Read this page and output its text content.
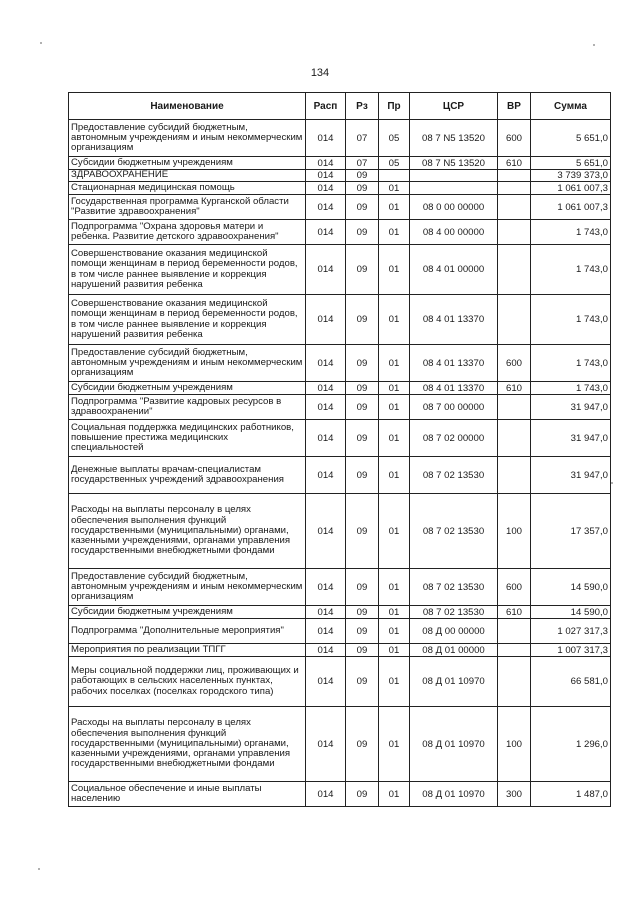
134
Наименование	Расп	Рз	Пр	ЦСР	ВР	Сумма
Предоставление субсидий бюджетным, автономным учреждениям и иным некоммерческим организациям	014	07	05	08 7 N5 13520	600	5 651,0
Субсидии бюджетным учреждениям	014	07	05	08 7 N5 13520	610	5 651,0
ЗДРАВООХРАНЕНИЕ	014	09				3 739 373,0
Стационарная медицинская помощь	014	09	01			1 061 007,3
Государственная программа Курганской области "Развитие здравоохранения"	014	09	01	08 0 00 00000		1 061 007,3
Подпрограмма "Охрана здоровья матери и ребенка. Развитие детского здравоохранения"	014	09	01	08 4 00 00000		1 743,0
Совершенствование оказания медицинской помощи женщинам в период беременности родов, в том числе раннее выявление и коррекция нарушений развития ребенка	014	09	01	08 4 01 00000		1 743,0
Совершенствование оказания медицинской помощи женщинам в период беременности родов, в том числе раннее выявление и коррекция нарушений развития ребенка	014	09	01	08 4 01 13370		1 743,0
Предоставление субсидий бюджетным, автономным учреждениям и иным некоммерческим организациям	014	09	01	08 4 01 13370	600	1 743,0
Субсидии бюджетным учреждениям	014	09	01	08 4 01 13370	610	1 743,0
Подпрограмма "Развитие кадровых ресурсов в здравоохранении"	014	09	01	08 7 00 00000		31 947,0
Социальная поддержка медицинских работников, повышение престижа медицинских специальностей	014	09	01	08 7 02 00000		31 947,0
Денежные выплаты врачам-специалистам государственных учреждений здравоохранения	014	09	01	08 7 02 13530		31 947,0
Расходы на выплаты персоналу в целях обеспечения выполнения функций государственными (муниципальными) органами, казенными учреждениями, органами управления государственными внебюджетными фондами	014	09	01	08 7 02 13530	100	17 357,0
Предоставление субсидий бюджетным, автономным учреждениям и иным некоммерческим организациям	014	09	01	08 7 02 13530	600	14 590,0
Субсидии бюджетным учреждениям	014	09	01	08 7 02 13530	610	14 590,0
Подпрограмма "Дополнительные мероприятия"	014	09	01	08 Д 00 00000		1 027 317,3
Мероприятия по реализации ТПГГ	014	09	01	08 Д 01 00000		1 007 317,3
Меры социальной поддержки лиц, проживающих и работающих в сельских населенных пунктах, рабочих поселках (поселках городского типа)	014	09	01	08 Д 01 10970		66 581,0
Расходы на выплаты персоналу в целях обеспечения выполнения функций государственными (муниципальными) органами, казенными учреждениями, органами управления государственными внебюджетными фондами	014	09	01	08 Д 01 10970	100	1 296,0
Социальное обеспечение и иные выплаты населению	014	09	01	08 Д 01 10970	300	1 487,0
